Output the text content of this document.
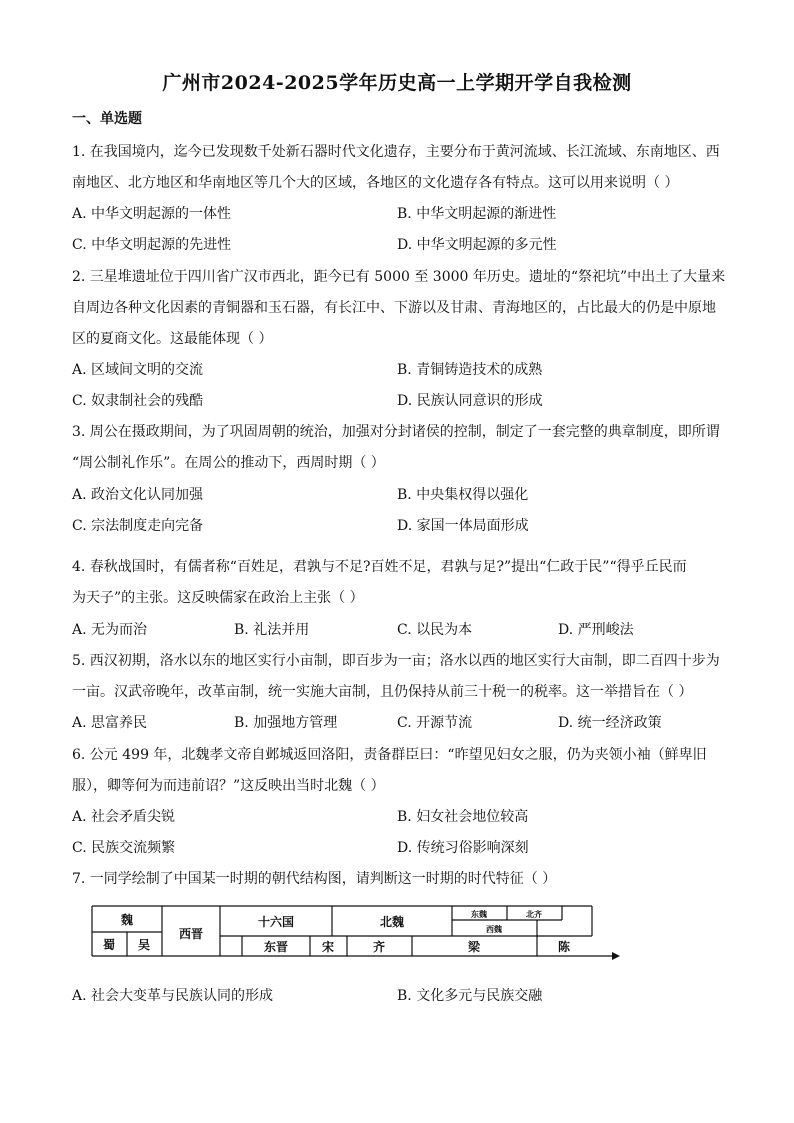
广州市2024-2025学年历史高一上学期开学自我检测
一、单选题
1. 在我国境内，迄今已发现数千处新石器时代文化遗存，主要分布于黄河流域、长江流域、东南地区、西
南地区、北方地区和华南地区等几个大的区域，各地区的文化遗存各有特点。这可以用来说明（ ）
A. 中华文明起源的一体性	B. 中华文明起源的渐进性
C. 中华文明起源的先进性	D. 中华文明起源的多元性
2. 三星堆遗址位于四川省广汉市西北，距今已有 5000 至 3000 年历史。遗址的“祭祀坑”中出土了大量来
自周边各种文化因素的青铜器和玉石器，有长江中、下游以及甘肃、青海地区的，占比最大的仍是中原地
区的夏商文化。这最能体现（ ）
A. 区域间文明的交流	B. 青铜铸造技术的成熟
C. 奴隶制社会的残酷	D. 民族认同意识的形成
3. 周公在摄政期间，为了巩固周朝的统治，加强对分封诸侯的控制，制定了一套完整的典章制度，即所谓
“周公制礼作乐”。在周公的推动下，西周时期（ ）
A. 政治文化认同加强	B. 中央集权得以强化
C. 宗法制度走向完备	D. 家国一体局面形成
4. 春秋战国时，有儒者称“百姓足，君孰与不足?百姓不足，君孰与足?”提出“仁政于民”“得乎丘民而
为天子”的主张。这反映儒家在政治上主张（ ）
A. 无为而治	B. 礼法并用	C. 以民为本	D. 严刑峻法
5. 西汉初期，洛水以东的地区实行小亩制，即百步为一亩；洛水以西的地区实行大亩制，即二百四十步为
一亩。汉武帝晚年，改革亩制，统一实施大亩制，且仍保持从前三十税一的税率。这一举措旨在（ ）
A. 思富养民	B. 加强地方管理	C. 开源节流	D. 统一经济政策
6. 公元 499 年，北魏孝文帝自邺城返回洛阳，责备群臣曰：“昨望见妇女之服，仍为夹领小袖（鲜卑旧
服），卿等何为而违前诏？”这反映出当时北魏（ ）
A. 社会矛盾尖锐	B. 妇女社会地位较高
C. 民族交流频繁	D. 传统习俗影响深刻
7. 一同学绘制了中国某一时期的朝代结构图，请判断这一时期的时代特征（ ）
魏
蜀 吴
西晋
十六国	北魏
东晋	宋	齐	梁	陈
东魏	北齐
西魏
A. 社会大变革与民族认同的形成	B. 文化多元与民族交融
